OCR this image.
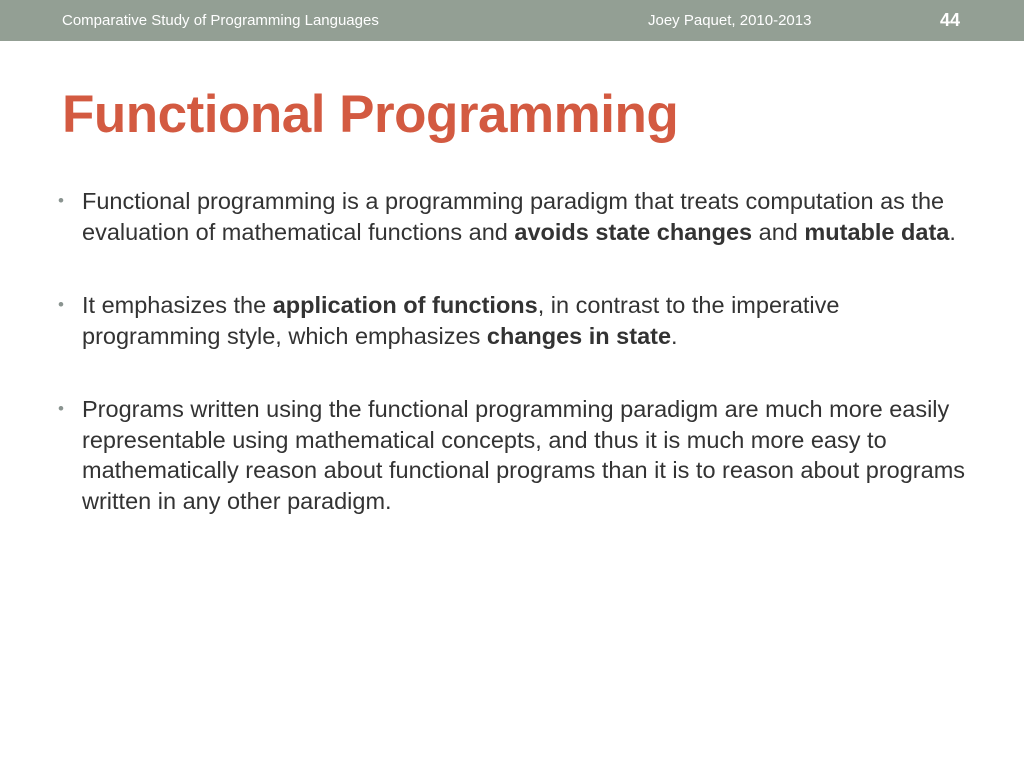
Comparative Study of Programming Languages	Joey Paquet, 2010-2013	44
Functional Programming
• Functional programming is a programming paradigm that treats computation as the evaluation of mathematical functions and avoids state changes and mutable data.
• It emphasizes the application of functions, in contrast to the imperative programming style, which emphasizes changes in state.
• Programs written using the functional programming paradigm are much more easily representable using mathematical concepts, and thus it is much more easy to mathematically reason about functional programs than it is to reason about programs written in any other paradigm.
